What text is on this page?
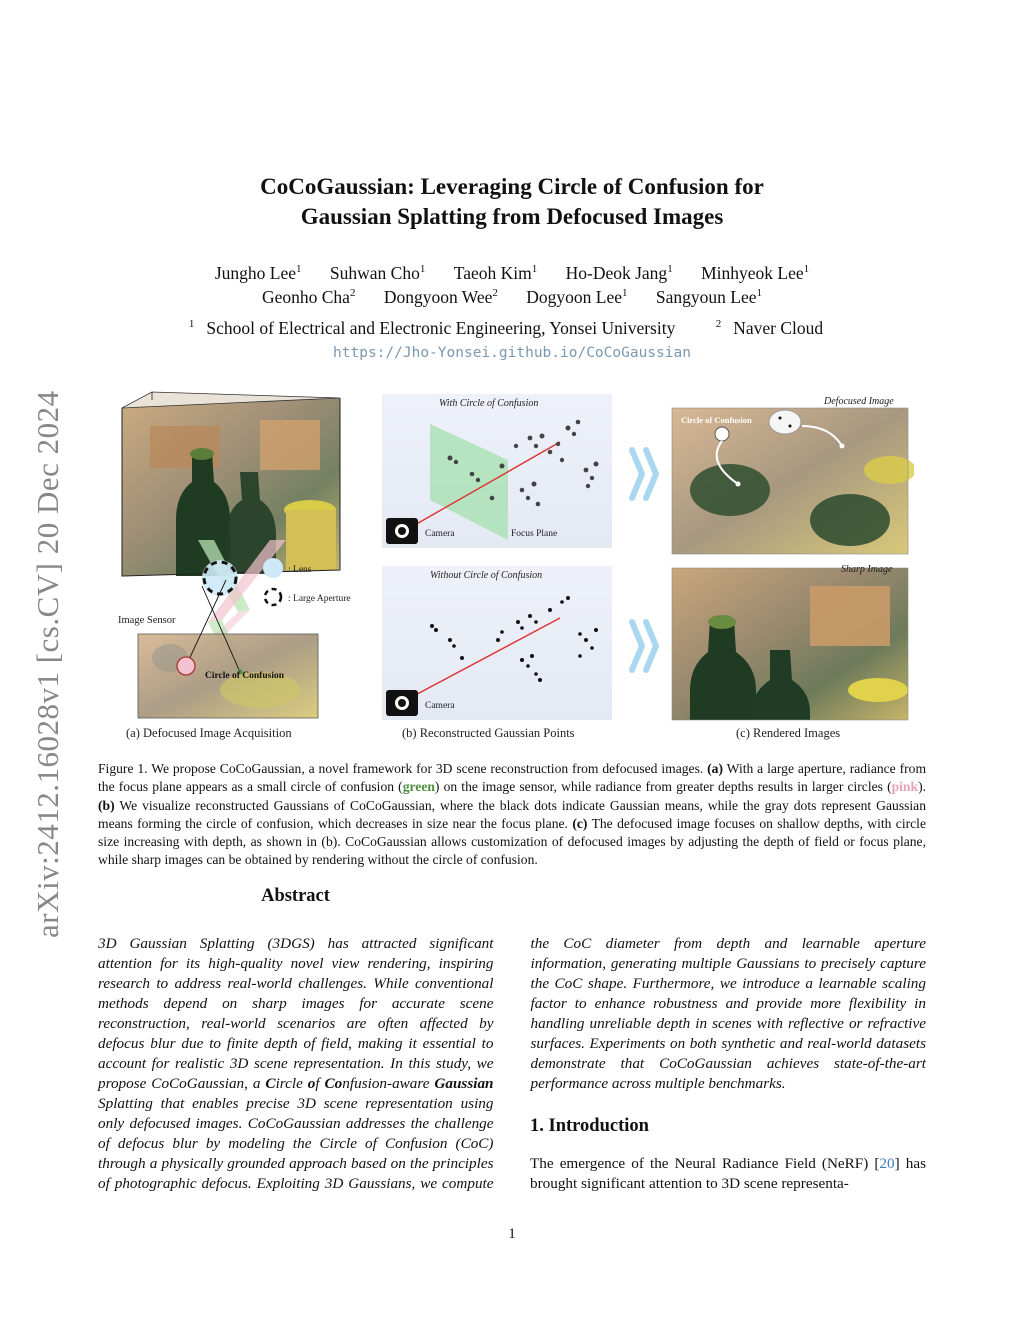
arXiv:2412.16028v1 [cs.CV] 20 Dec 2024
CoCoGaussian: Leveraging Circle of Confusion for
Gaussian Splatting from Defocused Images
Jungho Lee$^1$ Suhwan Cho$^1$ Taeoh Kim$^1$ Ho-Deok Jang$^1$ Minhyeok Lee$^1$
Geonho Cha$^2$ Dongyoon Wee$^2$ Dogyoon Lee$^1$ Sangyoun Lee$^1$
$^1$ School of Electrical and Electronic Engineering, Yonsei University	$^2$ Naver Cloud
https://Jho-Yonsei.github.io/CoCoGaussian
: Lens
: Large Aperture
Image Sensor
Circle of Confusion
With Circle of Confusion
Camera	Focus Plane
Without Circle of Confusion
Camera
Defocused Image
Circle of Confusion
Sharp Image
(a) Defocused Image Acquisition	(b) Reconstructed Gaussian Points	(c) Rendered Images
Figure 1. We propose CoCoGaussian, a novel framework for 3D scene reconstruction from defocused images. (a) With a large aperture, radiance from the focus plane appears as a small circle of confusion (green) on the image sensor, while radiance from greater depths results in larger circles (pink). (b) We visualize reconstructed Gaussians of CoCoGaussian, where the black dots indicate Gaussian means, while the gray dots represent Gaussian means forming the circle of confusion, which decreases in size near the focus plane. (c) The defocused image focuses on shallow depths, with circle size increasing with depth, as shown in (b). CoCoGaussian allows customization of defocused images by adjusting the depth of field or focus plane, while sharp images can be obtained by rendering without the circle of confusion.
Abstract
3D Gaussian Splatting (3DGS) has attracted significant attention for its high-quality novel view rendering, inspiring research to address real-world challenges. While conventional methods depend on sharp images for accurate scene reconstruction, real-world scenarios are often affected by defocus blur due to finite depth of field, making it essential to account for realistic 3D scene representation. In this study, we propose CoCoGaussian, a Circle of Confusion-aware Gaussian Splatting that enables precise 3D scene representation using only defocused images. CoCoGaussian addresses the challenge of defocus blur by modeling the Circle of Confusion (CoC) through a physically grounded approach based on the principles of photographic defocus. Exploiting 3D Gaussians, we compute the CoC diameter from depth and learnable aperture information, generating multiple Gaussians to precisely capture the CoC shape. Furthermore, we introduce a learnable scaling factor to enhance robustness and provide more flexibility in handling unreliable depth in scenes with reflective or refractive surfaces. Experiments on both synthetic and real-world datasets demonstrate that CoCoGaussian achieves state-of-the-art performance across multiple benchmarks.
1. Introduction
The emergence of the Neural Radiance Field (NeRF) [20] has brought significant attention to 3D scene representa-
1
